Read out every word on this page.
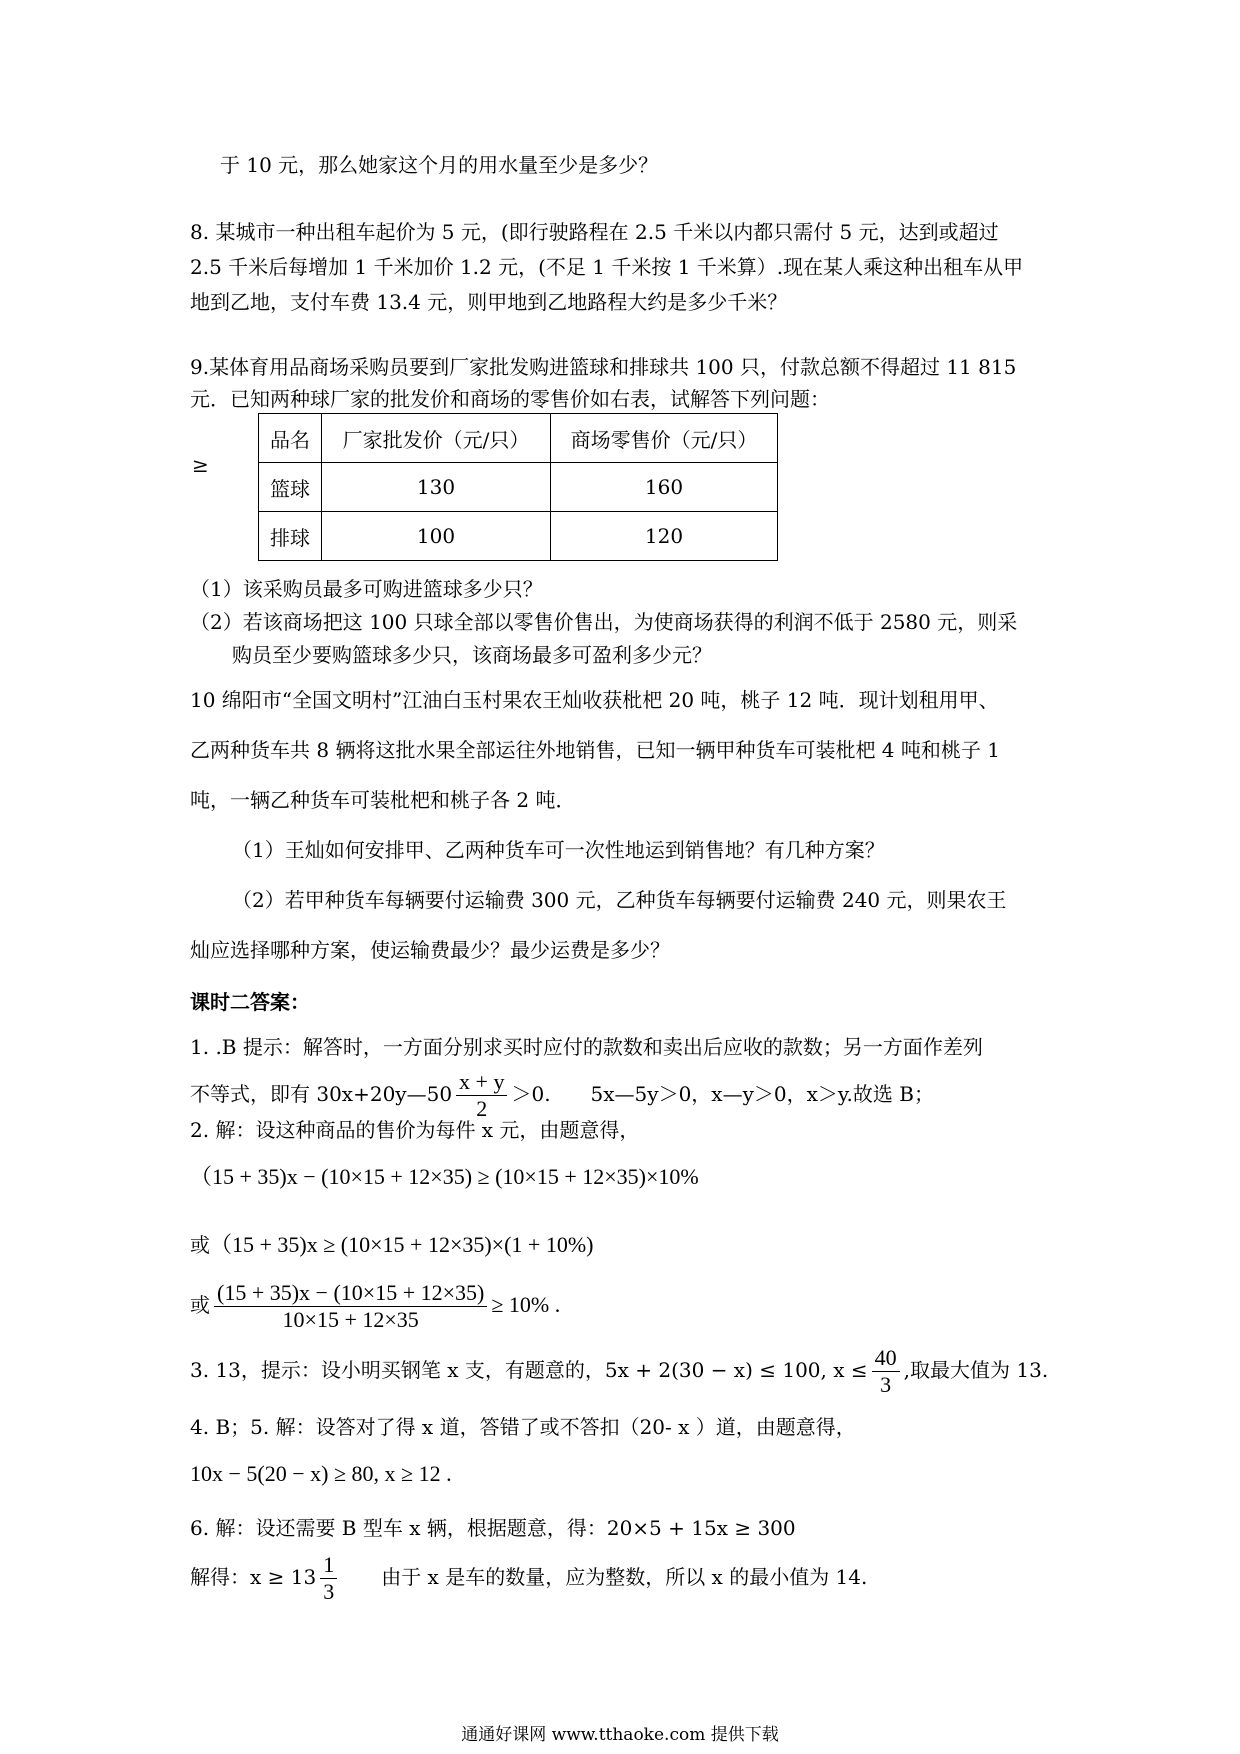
于 10 元，那么她家这个月的用水量至少是多少？
8. 某城市一种出租车起价为 5 元，(即行驶路程在 2.5 千米以内都只需付 5 元，达到或超过
2.5 千米后每增加 1 千米加价 1.2 元，(不足 1 千米按 1 千米算）.现在某人乘这种出租车从甲
地到乙地，支付车费 13.4 元，则甲地到乙地路程大约是多少千米？
9.某体育用品商场采购员要到厂家批发购进篮球和排球共 100 只，付款总额不得超过 11 815
元．已知两种球厂家的批发价和商场的零售价如右表，试解答下列问题：
≥
品名	厂家批发价（元/只）	商场零售价（元/只）
篮球	130	160
排球	100	120
（1）该采购员最多可购进篮球多少只？
（2）若该商场把这 100 只球全部以零售价售出，为使商场获得的利润不低于 2580 元，则采
购员至少要购篮球多少只，该商场最多可盈利多少元？
10 绵阳市“全国文明村”江油白玉村果农王灿收获枇杷 20 吨，桃子 12 吨．现计划租用甲、
乙两种货车共 8 辆将这批水果全部运往外地销售，已知一辆甲种货车可装枇杷 4 吨和桃子 1
吨，一辆乙种货车可装枇杷和桃子各 2 吨．
（1）王灿如何安排甲、乙两种货车可一次性地运到销售地？有几种方案？
（2）若甲种货车每辆要付运输费 300 元，乙种货车每辆要付运输费 240 元，则果农王
灿应选择哪种方案，使运输费最少？最少运费是多少？
课时二答案：
1. .B 提示：解答时，一方面分别求买时应付的款数和卖出后应收的款数；另一方面作差列
不等式，即有 30x+20y—50 $\frac{x + y}{2} >0$.　　5x—5y＞0，x—y＞0，x＞y.故选 B；
2. 解：设这种商品的售价为每件 x 元，由题意得，
（15 + 35)x − (10×15 + 12×35) ≥ (10×15 + 12×35)×10%
或（15 + 35)x ≥ (10×15 + 12×35)×(1 + 10%)
或 $\frac{(15 + 35)x - (10\times 15 + 12\times 35)}{10\times 15 + 12\times 35} \ge 10\%$ .
3. 13，提示：设小明买钢笔 x 支，有题意的，5x + 2(30 − x) ≤ 100, $x \le \frac{40}{3}$ ,取最大值为 13.
4. B；5. 解：设答对了得 x 道，答错了或不答扣（20- x ）道，由题意得，
10x − 5(20 − x) ≥ 80, x ≥ 12 .
6. 解：设还需要 B 型车 x 辆，根据题意，得：20×5 + 15x ≥ 300
解得：$x \ge 13 \frac{1}{3}$ 由于 x 是车的数量，应为整数，所以 x 的最小值为 14.
通通好课网 www.tthaoke.com 提供下载
